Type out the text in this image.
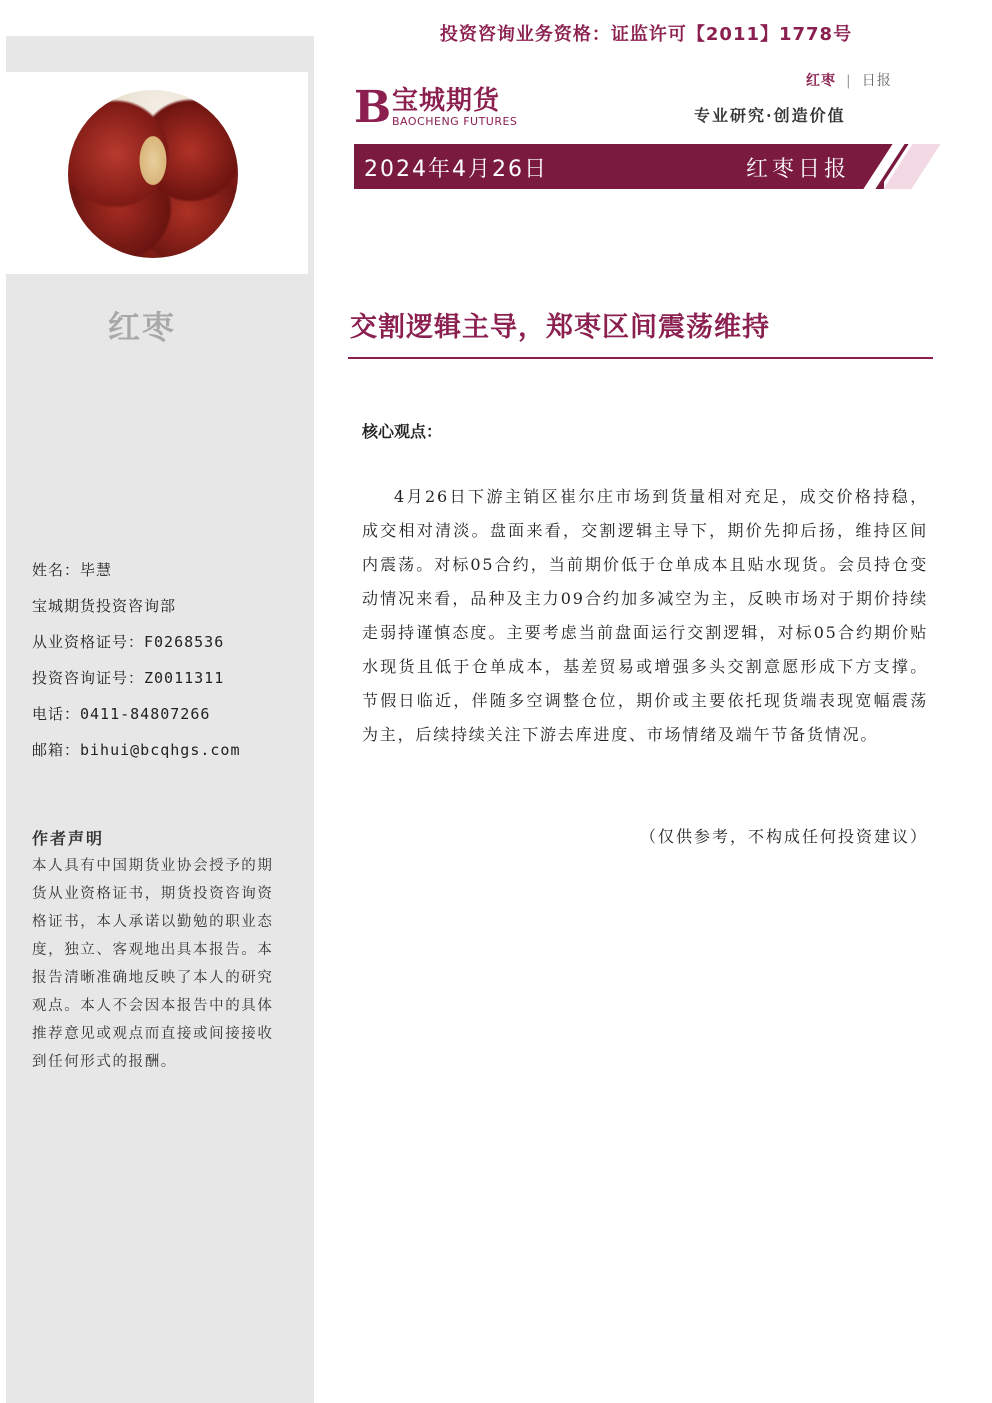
投资咨询业务资格：证监许可【2011】1778号
红枣
姓名：毕慧
宝城期货投资咨询部
从业资格证号：F0268536
投资咨询证号：Z0011311
电话：0411-84807266
邮箱：bihui@bcqhgs.com
作者声明
本人具有中国期货业协会授予的期货从业资格证书，期货投资咨询资格证书，本人承诺以勤勉的职业态度，独立、客观地出具本报告。本报告清晰准确地反映了本人的研究观点。本人不会因本报告中的具体推荐意见或观点而直接或间接接收到任何形式的报酬。
B 宝城期货
BAOCHENG FUTURES
红枣 | 日报
专业研究·创造价值
2024年4月26日	红枣日报
交割逻辑主导，郑枣区间震荡维持
核心观点：
4月26日下游主销区崔尔庄市场到货量相对充足，成交价格持稳，成交相对清淡。盘面来看，交割逻辑主导下，期价先抑后扬，维持区间内震荡。对标05合约，当前期价低于仓单成本且贴水现货。会员持仓变动情况来看，品种及主力09合约加多减空为主，反映市场对于期价持续走弱持谨慎态度。主要考虑当前盘面运行交割逻辑，对标05合约期价贴水现货且低于仓单成本，基差贸易或增强多头交割意愿形成下方支撑。节假日临近，伴随多空调整仓位，期价或主要依托现货端表现宽幅震荡为主，后续持续关注下游去库进度、市场情绪及端午节备货情况。
（仅供参考，不构成任何投资建议）
